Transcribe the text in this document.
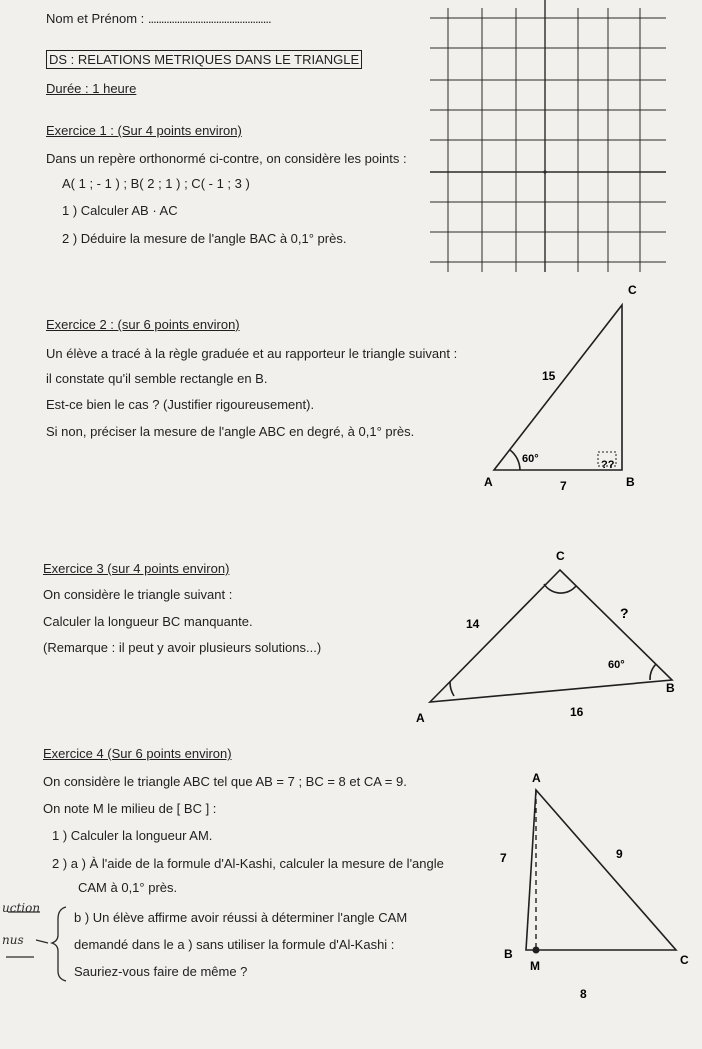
Nom et Prénom : ...............................................
DS : RELATIONS METRIQUES DANS LE TRIANGLE
Durée : 1 heure
Exercice 1 : (Sur 4 points environ)
Dans un repère orthonormé ci-contre, on considère les points :
A( 1 ; - 1 ) ; B( 2 ; 1 ) ; C( - 1 ; 3 )
1 ) Calculer AB · AC
2 ) Déduire la mesure de l'angle BAC à 0,1° près.
Exercice 2 : (sur 6 points environ)
Un élève a tracé à la règle graduée et au rapporteur le triangle suivant :
il constate qu'il semble rectangle en B.
Est-ce bien le cas ? (Justifier rigoureusement).
Si non, préciser la mesure de l'angle ABC en degré, à 0,1° près.
C
15
60°	??
A	7	B
Exercice 3 (sur 4 points environ)
On considère le triangle suivant :
Calculer la longueur BC manquante.
(Remarque : il peut y avoir plusieurs solutions...)
C
14
?
60°
B
A	16
Exercice 4 (Sur 6 points environ)
On considère le triangle ABC tel que AB = 7 ; BC = 8 et CA = 9.
On note M le milieu de [ BC ] :
1 ) Calculer la longueur AM.
2 ) a ) À l'aide de la formule d'Al-Kashi, calculer la mesure de l'angle
CAM à 0,1° près.
b ) Un élève affirme avoir réussi à déterminer l'angle CAM
demandé dans le a ) sans utiliser la formule d'Al-Kashi :
Sauriez-vous faire de même ?
uction
nus
A
7	9
B
M	C
8
